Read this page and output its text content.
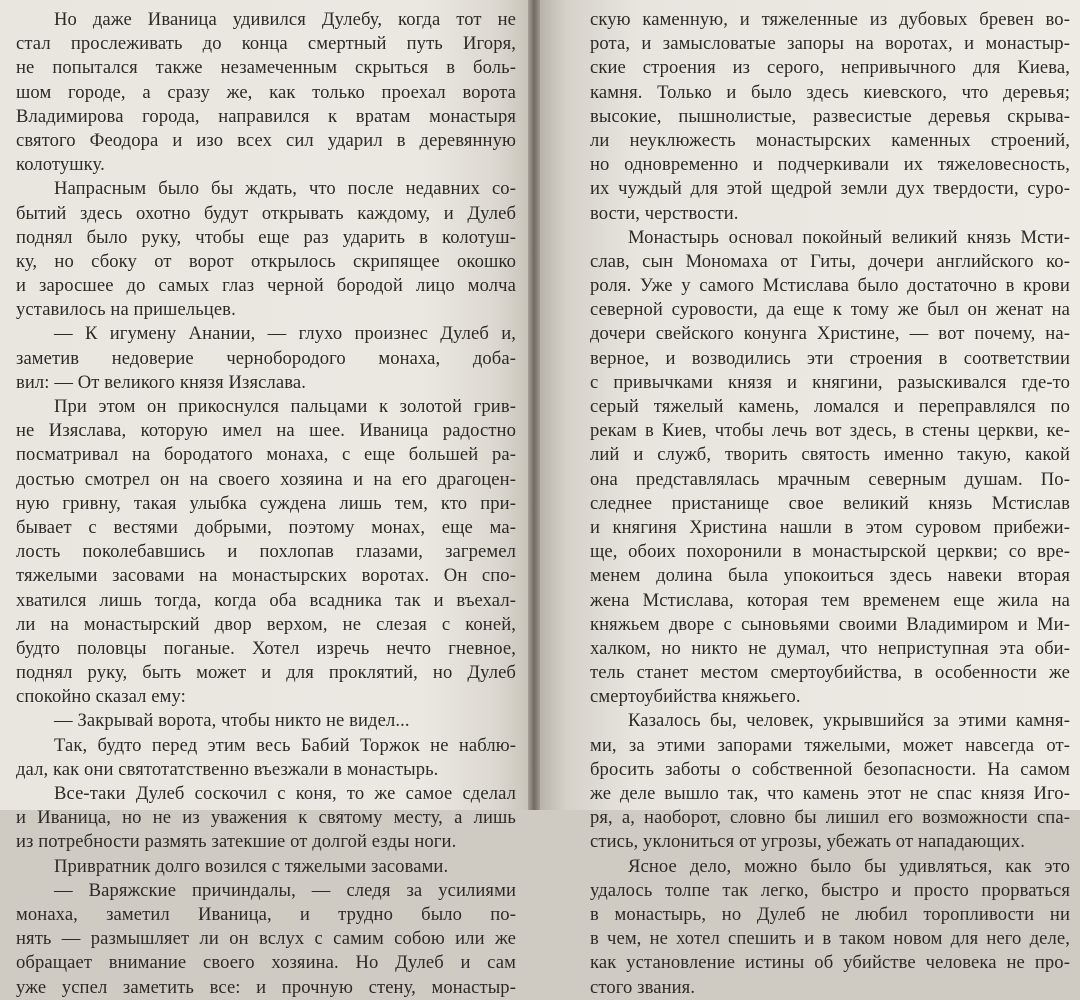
Но даже Иваница удивился Дулебу, когда тот не
стал прослеживать до конца смертный путь Игоря,
не попытался также незамеченным скрыться в боль-
шом городе, а сразу же, как только проехал ворота
Владимирова города, направился к вратам монастыря
святого Феодора и изо всех сил ударил в деревянную
колотушку.
Напрасным было бы ждать, что после недавних со-
бытий здесь охотно будут открывать каждому, и Дулеб
поднял было руку, чтобы еще раз ударить в колотуш-
ку, но сбоку от ворот открылось скрипящее окошко
и заросшее до самых глаз черной бородой лицо молча
уставилось на пришельцев.
— К игумену Анании, — глухо произнес Дулеб и,
заметив недоверие чернобородого монаха, доба-
вил: — От великого князя Изяслава.
При этом он прикоснулся пальцами к золотой грив-
не Изяслава, которую имел на шее. Иваница радостно
посматривал на бородатого монаха, с еще большей ра-
достью смотрел он на своего хозяина и на его драгоцен-
ную гривну, такая улыбка суждена лишь тем, кто при-
бывает с вестями добрыми, поэтому монах, еще ма-
лость поколебавшись и похлопав глазами, загремел
тяжелыми засовами на монастырских воротах. Он спо-
хватился лишь тогда, когда оба всадника так и въехал-
ли на монастырский двор верхом, не слезая с коней,
будто половцы поганые. Хотел изречь нечто гневное,
поднял руку, быть может и для проклятий, но Дулеб
спокойно сказал ему:
— Закрывай ворота, чтобы никто не видел...
Так, будто перед этим весь Бабий Торжок не наблю-
дал, как они святотатственно въезжали в монастырь.
Все-таки Дулеб соскочил с коня, то же самое сделал
и Иваница, но не из уважения к святому месту, а лишь
из потребности размять затекшие от долгой езды ноги.
Привратник долго возился с тяжелыми засовами.
— Варяжские причиндалы, — следя за усилиями
монаха, заметил Иваница, и трудно было по-
нять — размышляет ли он вслух с самим собою или же
обращает внимание своего хозяина. Но Дулеб и сам
уже успел заметить все: и прочную стену, монастыр-
скую каменную, и тяжеленные из дубовых бревен во-
рота, и замысловатые запоры на воротах, и монастыр-
ские строения из серого, непривычного для Киева,
камня. Только и было здесь киевского, что деревья;
высокие, пышнолистые, развесистые деревья скрыва-
ли неуклюжесть монастырских каменных строений,
но одновременно и подчеркивали их тяжеловесность,
их чуждый для этой щедрой земли дух твердости, суро-
вости, черствости.
Монастырь основал покойный великий князь Мсти-
слав, сын Мономаха от Гиты, дочери английского ко-
роля. Уже у самого Мстислава было достаточно в крови
северной суровости, да еще к тому же был он женат на
дочери свейского конунга Христине, — вот почему, на-
верное, и возводились эти строения в соответствии
с привычками князя и княгини, разыскивался где-то
серый тяжелый камень, ломался и переправлялся по
рекам в Киев, чтобы лечь вот здесь, в стены церкви, ке-
лий и служб, творить святость именно такую, какой
она представлялась мрачным северным душам. По-
следнее пристанище свое великий князь Мстислав
и княгиня Христина нашли в этом суровом прибежи-
ще, обоих похоронили в монастырской церкви; со вре-
менем долина была упокоиться здесь навеки вторая
жена Мстислава, которая тем временем еще жила на
княжьем дворе с сыновьями своими Владимиром и Ми-
халком, но никто не думал, что неприступная эта оби-
тель станет местом смертоубийства, в особенности же
смертоубийства княжьего.
Казалось бы, человек, укрывшийся за этими камня-
ми, за этими запорами тяжелыми, может навсегда от-
бросить заботы о собственной безопасности. На самом
же деле вышло так, что камень этот не спас князя Иго-
ря, а, наоборот, словно бы лишил его возможности спа-
стись, уклониться от угрозы, убежать от нападающих.
Ясное дело, можно было бы удивляться, как это
удалось толпе так легко, быстро и просто прорваться
в монастырь, но Дулеб не любил торопливости ни
в чем, не хотел спешить и в таком новом для него деле,
как установление истины об убийстве человека не про-
стого звания.
